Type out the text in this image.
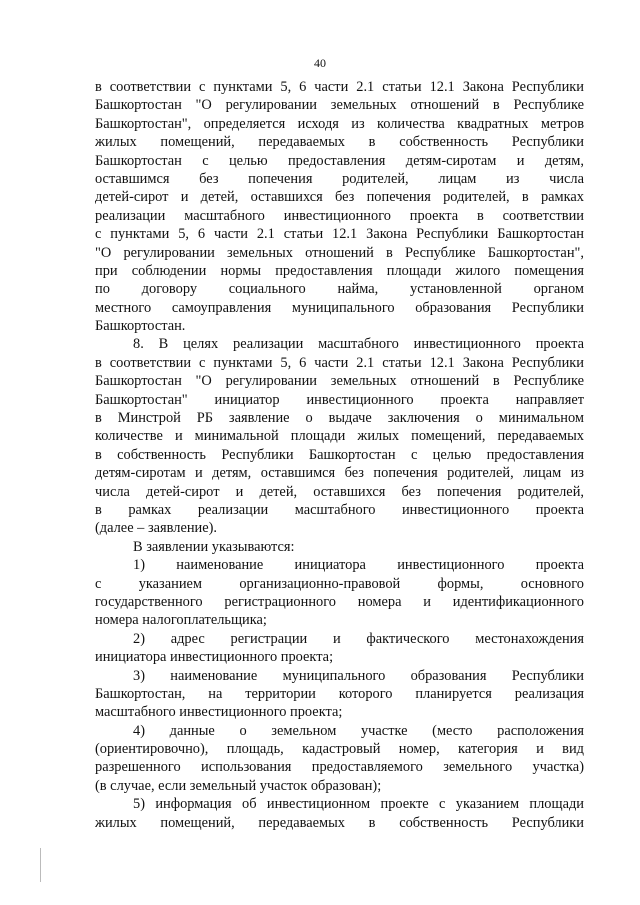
40
в соответствии с пунктами 5, 6 части 2.1 статьи 12.1 Закона Республики
Башкортостан "О регулировании земельных отношений в Республике
Башкортостан", определяется исходя из количества квадратных метров
жилых помещений, передаваемых в собственность Республики
Башкортостан с целью предоставления детям-сиротам и детям,
оставшимся без попечения родителей, лицам из числа
детей-сирот и детей, оставшихся без попечения родителей, в рамках
реализации масштабного инвестиционного проекта в соответствии
с пунктами 5, 6 части 2.1 статьи 12.1 Закона Республики Башкортостан
"О регулировании земельных отношений в Республике Башкортостан",
при соблюдении нормы предоставления площади жилого помещения
по договору социального найма, установленной органом
местного самоуправления муниципального образования Республики
Башкортостан.
8. В целях реализации масштабного инвестиционного проекта
в соответствии с пунктами 5, 6 части 2.1 статьи 12.1 Закона Республики
Башкортостан "О регулировании земельных отношений в Республике
Башкортостан" инициатор инвестиционного проекта направляет
в Минстрой РБ заявление о выдаче заключения о минимальном
количестве и минимальной площади жилых помещений, передаваемых
в собственность Республики Башкортостан с целью предоставления
детям-сиротам и детям, оставшимся без попечения родителей, лицам из
числа детей-сирот и детей, оставшихся без попечения родителей,
в рамках реализации масштабного инвестиционного проекта
(далее – заявление).
В заявлении указываются:
1) наименование инициатора инвестиционного проекта
с указанием организационно-правовой формы, основного
государственного регистрационного номера и идентификационного
номера налогоплательщика;
2) адрес регистрации и фактического местонахождения
инициатора инвестиционного проекта;
3) наименование муниципального образования Республики
Башкортостан, на территории которого планируется реализация
масштабного инвестиционного проекта;
4) данные о земельном участке (место расположения
(ориентировочно), площадь, кадастровый номер, категория и вид
разрешенного использования предоставляемого земельного участка)
(в случае, если земельный участок образован);
5) информация об инвестиционном проекте с указанием площади
жилых помещений, передаваемых в собственность Республики
